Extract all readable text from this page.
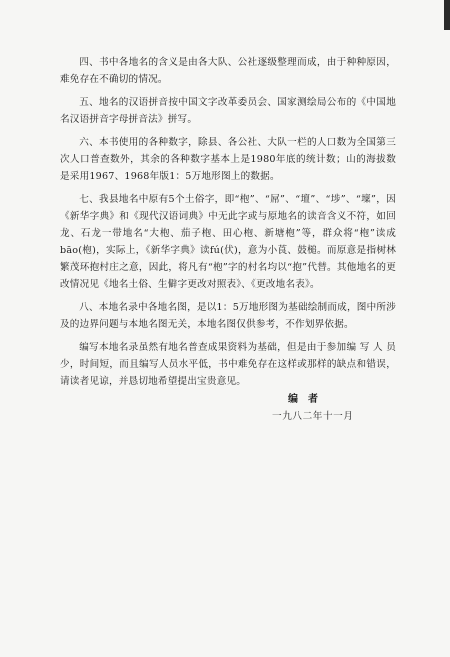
四、书中各地名的含义是由各大队、公社逐级整理而成，由于种种原因，难免存在不确切的情况。

五、地名的汉语拼音按中国文字改革委员会、国家测绘局公布的《中国地名汉语拼音字母拼音法》拼写。

六、本书使用的各种数字，除县、各公社、大队一栏的人口数为全国第三次人口普查数外，其余的各种数字基本上是1980年底的统计数；山的海拔数是采用1967、1968年版1：5万地形图上的数据。

七、我县地名中原有5个土俗字，即“枹”、“屌”、“壇”、“埗”、“壈”，因《新华字典》和《现代汉语词典》中无此字或与原地名的读音含义不符，如回龙、石龙一带地名“大枹、茄子枹、田心枹、新塘枹”等，群众将“枹”读成bāo(枹)，实际上，《新华字典》读fú(伏)，意为小莨、鼓槌。而原意是指树林繁茂环抱村庄之意，因此，将凡有“枹”字的村名均以“抱”代替。其他地名的更改情况见《地名土俗、生僻字更改对照表》、《更改地名表》。

八、本地名录中各地名图，是以1：5万地形图为基础绘制而成，图中所涉及的边界问题与本地名图无关，本地名图仅供参考，不作划界依据。

编写本地名录虽然有地名普查成果资料为基础，但是由于参加编 写 人 员 少，时间短，而且编写人员水平低，书中难免存在这样或那样的缺点和错误，请读者见谅，并恳切地希望提出宝贵意见。

编者
一九八二年十一月
